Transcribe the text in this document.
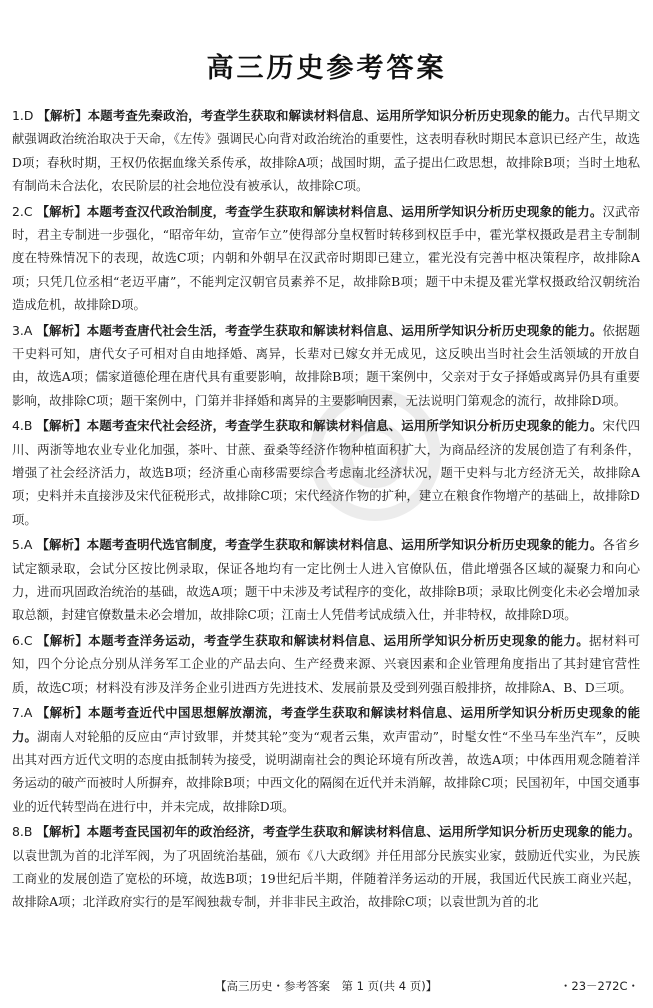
高三历史参考答案

1.D 【解析】本题考查先秦政治，考查学生获取和解读材料信息、运用所学知识分析历史现象的能力。古代早期文献强调政治统治取决于天命，《左传》强调民心向背对政治统治的重要性，这表明春秋时期民本意识已经产生，故选D项；春秋时期，王权仍依据血缘关系传承，故排除A项；战国时期，孟子提出仁政思想，故排除B项；当时土地私有制尚未合法化，农民阶层的社会地位没有被承认，故排除C项。

2.C 【解析】本题考查汉代政治制度，考查学生获取和解读材料信息、运用所学知识分析历史现象的能力。汉武帝时，君主专制进一步强化，“昭帝年幼，宣帝乍立”使得部分皇权暂时转移到权臣手中，霍光掌权摄政是君主专制制度在特殊情况下的表现，故选C项；内朝和外朝早在汉武帝时期即已建立，霍光没有完善中枢决策程序，故排除A项；只凭几位丞相“老迈平庸”，不能判定汉朝官员素养不足，故排除B项；题干中未提及霍光掌权摄政给汉朝统治造成危机，故排除D项。

3.A 【解析】本题考查唐代社会生活，考查学生获取和解读材料信息、运用所学知识分析历史现象的能力。依据题干史料可知，唐代女子可相对自由地择婚、离异，长辈对已嫁女并无成见，这反映出当时社会生活领域的开放自由，故选A项；儒家道德伦理在唐代具有重要影响，故排除B项；题干案例中，父亲对于女子择婚或离异仍具有重要影响，故排除C项；题干案例中，门第并非择婚和离异的主要影响因素，无法说明门第观念的流行，故排除D项。

4.B 【解析】本题考查宋代社会经济，考查学生获取和解读材料信息、运用所学知识分析历史现象的能力。宋代四川、两浙等地农业专业化加强，茶叶、甘蔗、蚕桑等经济作物种植面积扩大，为商品经济的发展创造了有利条件，增强了社会经济活力，故选B项；经济重心南移需要综合考虑南北经济状况，题干史料与北方经济无关，故排除A项；史料并未直接涉及宋代征税形式，故排除C项；宋代经济作物的扩种，建立在粮食作物增产的基础上，故排除D项。

5.A 【解析】本题考查明代选官制度，考查学生获取和解读材料信息、运用所学知识分析历史现象的能力。各省乡试定额录取，会试分区按比例录取，保证各地均有一定比例士人进入官僚队伍，借此增强各区域的凝聚力和向心力，进而巩固政治统治的基础，故选A项；题干中未涉及考试程序的变化，故排除B项；录取比例变化未必会增加录取总额，封建官僚数量未必会增加，故排除C项；江南士人凭借考试成绩入仕，并非特权，故排除D项。

6.C 【解析】本题考查洋务运动，考查学生获取和解读材料信息、运用所学知识分析历史现象的能力。据材料可知，四个分论点分别从洋务军工企业的产品去向、生产经费来源、兴衰因素和企业管理角度指出了其封建官营性质，故选C项；材料没有涉及洋务企业引进西方先进技术、发展前景及受到列强百般排挤，故排除A、B、D三项。

7.A 【解析】本题考查近代中国思想解放潮流，考查学生获取和解读材料信息、运用所学知识分析历史现象的能力。湖南人对轮船的反应由“声讨致罪，并焚其轮”变为“观者云集，欢声雷动”，时髦女性“不坐马车坐汽车”，反映出其对西方近代文明的态度由抵制转为接受，说明湖南社会的舆论环境有所改善，故选A项；中体西用观念随着洋务运动的破产而被时人所摒弃，故排除B项；中西文化的隔阂在近代并未消解，故排除C项；民国初年，中国交通事业的近代转型尚在进行中，并未完成，故排除D项。

8.B 【解析】本题考查民国初年的政治经济，考查学生获取和解读材料信息、运用所学知识分析历史现象的能力。以袁世凯为首的北洋军阀，为了巩固统治基础，颁布《八大政纲》并任用部分民族实业家，鼓励近代实业，为民族工商业的发展创造了宽松的环境，故选B项；19世纪后半期，伴随着洋务运动的开展，我国近代民族工商业兴起，故排除A项；北洋政府实行的是军阀独裁专制，并非非民主政治，故排除C项；以袁世凯为首的北

【高三历史・参考答案　第 1 页(共 4 页)】	・23－272C・
